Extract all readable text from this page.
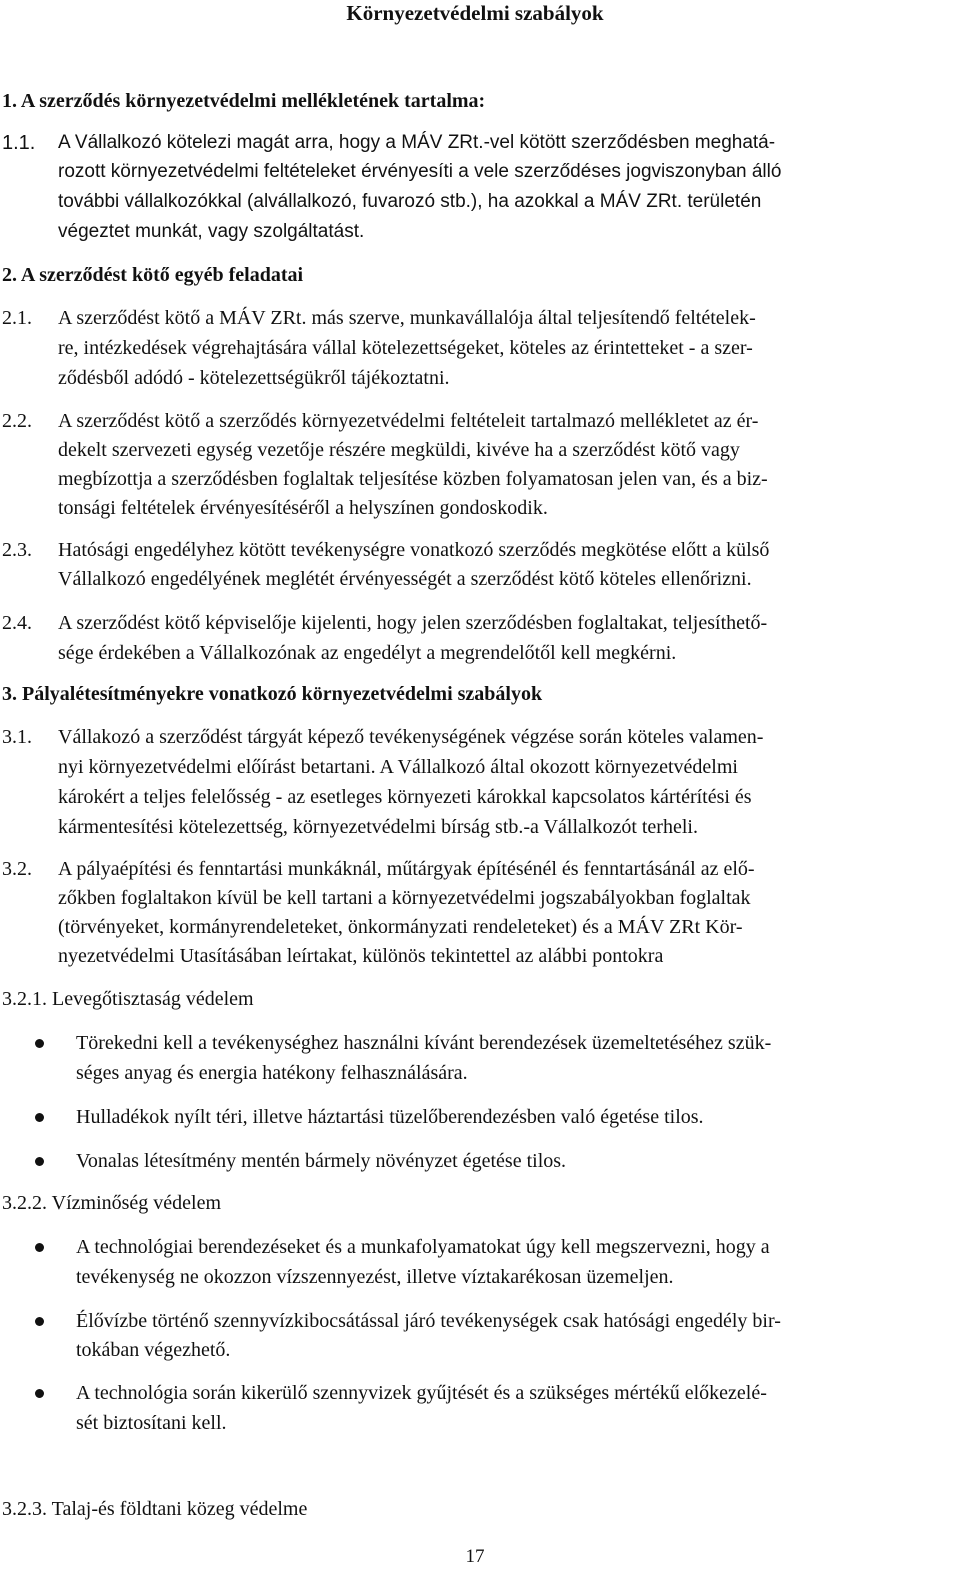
Környezetvédelmi szabályok
1. A szerződés környezetvédelmi mellékletének tartalma:
1.1. A Vállalkozó kötelezi magát arra, hogy a MÁV ZRt.-vel kötött szerződésben meghatá-
rozott környezetvédelmi feltételeket érvényesíti a vele szerződéses jogviszonyban álló
további vállalkozókkal (alvállalkozó, fuvarozó stb.), ha azokkal a MÁV ZRt. területén
végeztet munkát, vagy szolgáltatást.
2. A szerződést kötő egyéb feladatai
2.1. A szerződést kötő a MÁV ZRt. más szerve, munkavállalója által teljesítendő feltételek-
re, intézkedések végrehajtására vállal kötelezettségeket, köteles az érintetteket - a szer-
ződésből adódó - kötelezettségükről tájékoztatni.
2.2. A szerződést kötő a szerződés környezetvédelmi feltételeit tartalmazó mellékletet az ér-
dekelt szervezeti egység vezetője részére megküldi, kivéve ha a szerződést kötő vagy
megbízottja a szerződésben foglaltak teljesítése közben folyamatosan jelen van, és a biz-
tonsági feltételek érvényesítéséről a helyszínen gondoskodik.
2.3. Hatósági engedélyhez kötött tevékenységre vonatkozó szerződés megkötése előtt a külső
Vállalkozó engedélyének meglétét érvényességét a szerződést kötő köteles ellenőrizni.
2.4. A szerződést kötő képviselője kijelenti, hogy jelen szerződésben foglaltakat, teljesíthető-
sége érdekében a Vállalkozónak az engedélyt a megrendelőtől kell megkérni.
3. Pályalétesítményekre vonatkozó környezetvédelmi szabályok
3.1. Vállakozó a szerződést tárgyát képező tevékenységének végzése során köteles valamen-
nyi környezetvédelmi előírást betartani. A Vállalkozó által okozott környezetvédelmi
károkért a teljes felelősség - az esetleges környezeti károkkal kapcsolatos kártérítési és
kármentesítési kötelezettség, környezetvédelmi bírság stb.-a Vállalkozót terheli.
3.2. A pályaépítési és fenntartási munkáknál, műtárgyak építésénél és fenntartásánál az elő-
zőkben foglaltakon kívül be kell tartani a környezetvédelmi jogszabályokban foglaltak
(törvényeket, kormányrendeleteket, önkormányzati rendeleteket) és a MÁV ZRt Kör-
nyezetvédelmi Utasításában leírtakat, különös tekintettel az alábbi pontokra
3.2.1. Levegőtisztaság védelem
Törekedni kell a tevékenységhez használni kívánt berendezések üzemeltetéséhez szük-
séges anyag és energia hatékony felhasználására.
Hulladékok nyílt téri, illetve háztartási tüzelőberendezésben való égetése tilos.
Vonalas létesítmény mentén bármely növényzet égetése tilos.
3.2.2. Vízminőség védelem
A technológiai berendezéseket és a munkafolyamatokat úgy kell megszervezni, hogy a
tevékenység ne okozzon vízszennyezést, illetve víztakarékosan üzemeljen.
Élővízbe történő szennyvízkibocsátással járó tevékenységek csak hatósági engedély bir-
tokában végezhető.
A technológia során kikerülő szennyvizek gyűjtését és a szükséges mértékű előkezelé-
sét biztosítani kell.
3.2.3. Talaj-és földtani közeg védelme
17
